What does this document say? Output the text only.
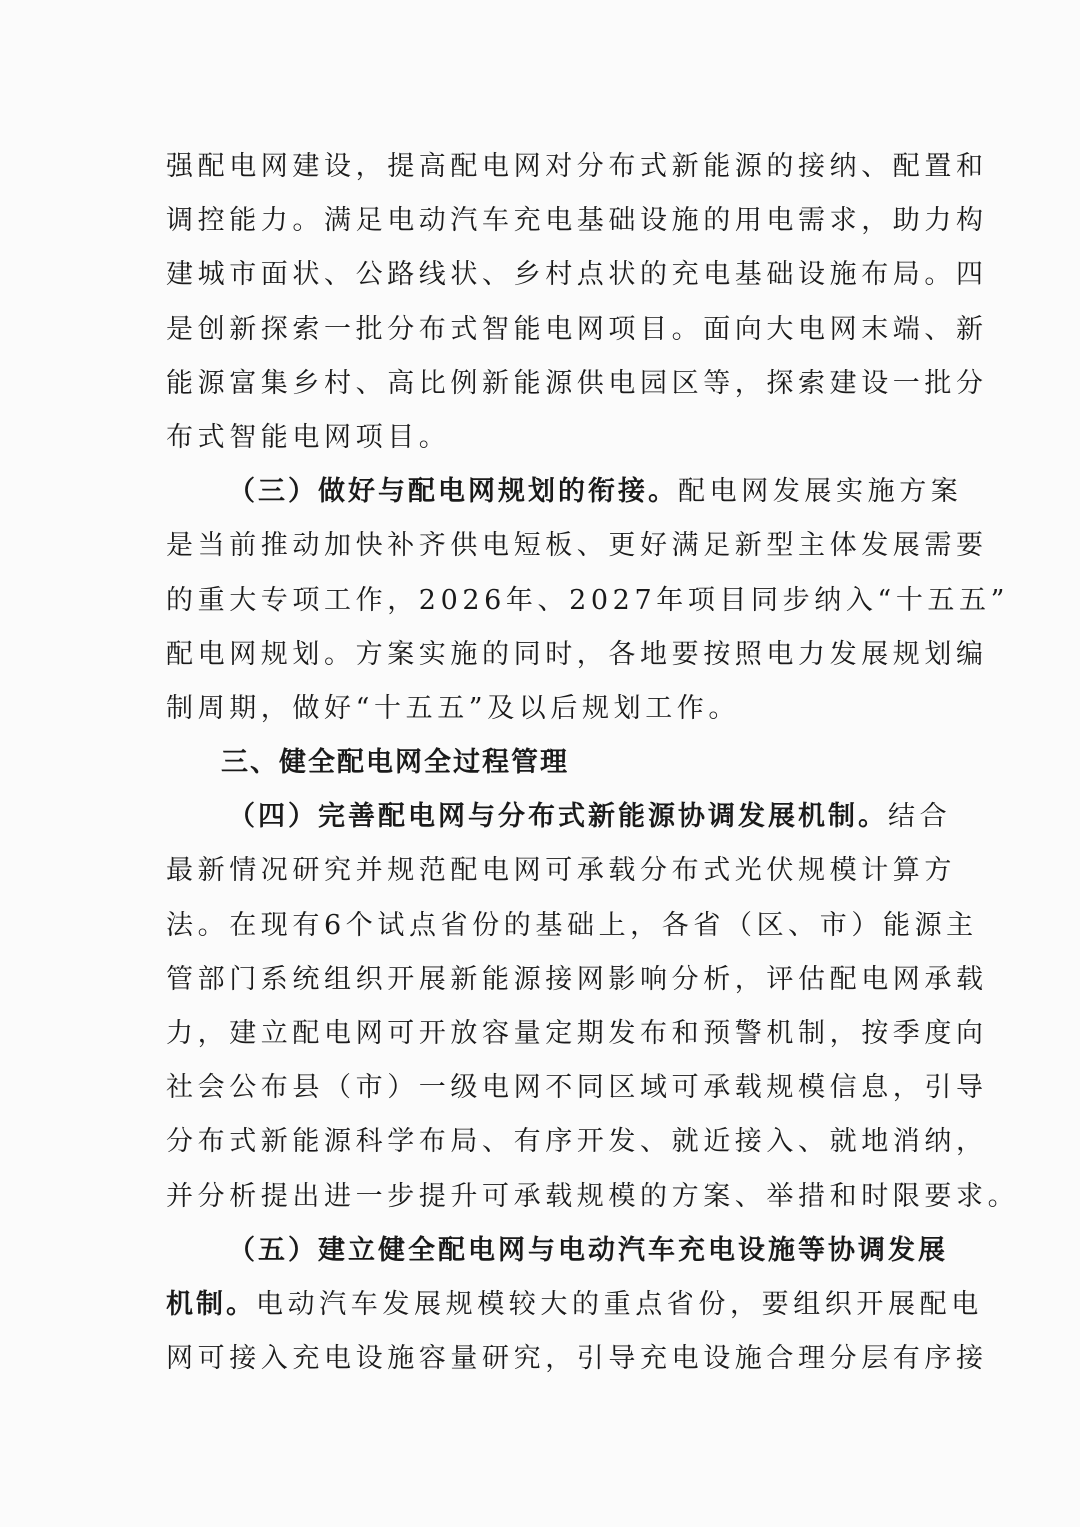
强配电网建设，提高配电网对分布式新能源的接纳、配置和
调控能力。满足电动汽车充电基础设施的用电需求，助力构
建城市面状、公路线状、乡村点状的充电基础设施布局。四
是创新探索一批分布式智能电网项目。面向大电网末端、新
能源富集乡村、高比例新能源供电园区等，探索建设一批分
布式智能电网项目。
（三）做好与配电网规划的衔接。配电网发展实施方案
是当前推动加快补齐供电短板、更好满足新型主体发展需要
的重大专项工作，2026年、2027年项目同步纳入“十五五”
配电网规划。方案实施的同时，各地要按照电力发展规划编
制周期，做好“十五五”及以后规划工作。
三、健全配电网全过程管理
（四）完善配电网与分布式新能源协调发展机制。结合
最新情况研究并规范配电网可承载分布式光伏规模计算方
法。在现有6个试点省份的基础上，各省（区、市）能源主
管部门系统组织开展新能源接网影响分析，评估配电网承载
力，建立配电网可开放容量定期发布和预警机制，按季度向
社会公布县（市）一级电网不同区域可承载规模信息，引导
分布式新能源科学布局、有序开发、就近接入、就地消纳，
并分析提出进一步提升可承载规模的方案、举措和时限要求。
（五）建立健全配电网与电动汽车充电设施等协调发展
机制。电动汽车发展规模较大的重点省份，要组织开展配电
网可接入充电设施容量研究，引导充电设施合理分层有序接
